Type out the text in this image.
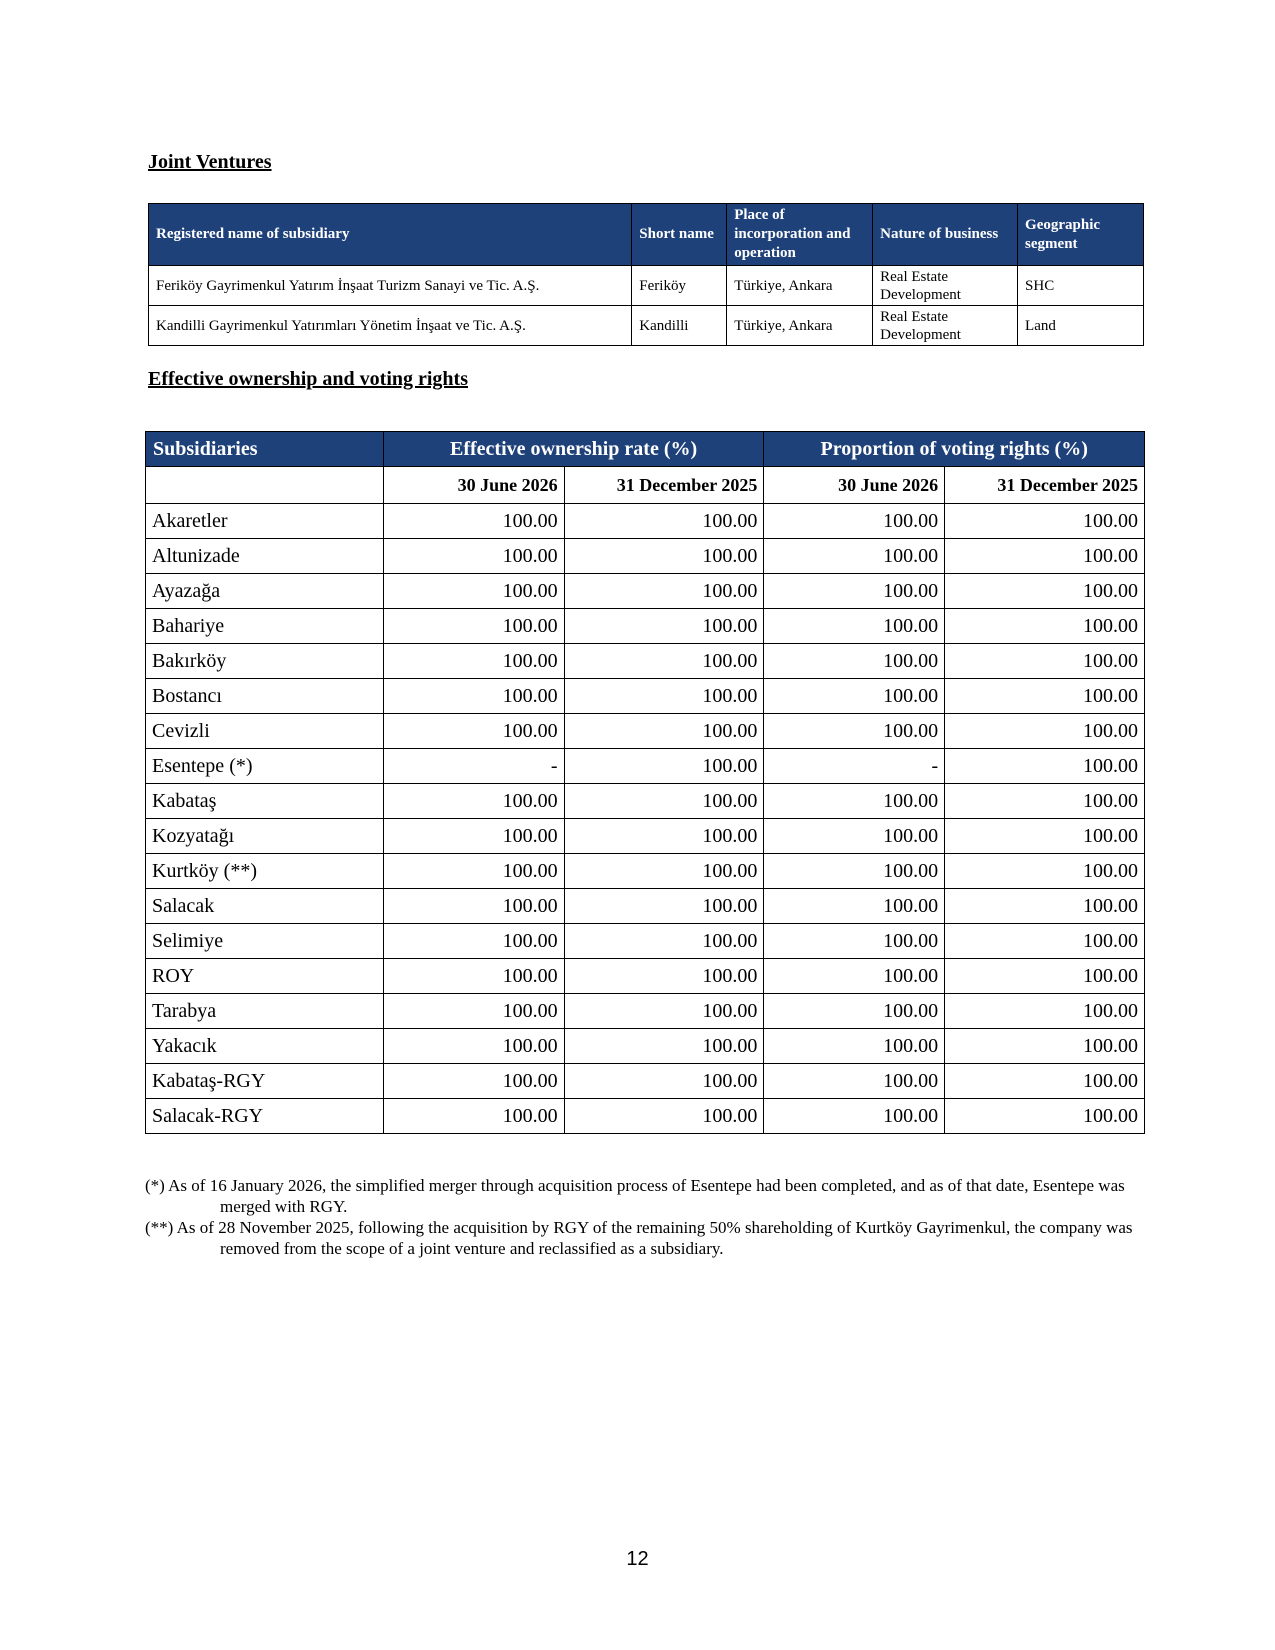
Joint Ventures
Registered name of subsidiary	Short name	Place of incorporation and operation	Nature of business	Geographic segment
Feriköy Gayrimenkul Yatırım İnşaat Turizm Sanayi ve Tic. A.Ş.	Feriköy	Türkiye, Ankara	Real Estate Development	SHC
Kandilli Gayrimenkul Yatırımları Yönetim İnşaat ve Tic. A.Ş.	Kandilli	Türkiye, Ankara	Real Estate Development	Land
Effective ownership and voting rights
Subsidiaries	Effective ownership rate (%)		Proportion of voting rights (%)	
	30 June 2026	31 December 2025	30 June 2026	31 December 2025
Akaretler	100.00	100.00	100.00	100.00
Altunizade	100.00	100.00	100.00	100.00
Ayazağa	100.00	100.00	100.00	100.00
Bahariye	100.00	100.00	100.00	100.00
Bakırköy	100.00	100.00	100.00	100.00
Bostancı	100.00	100.00	100.00	100.00
Cevizli	100.00	100.00	100.00	100.00
Esentepe (*)	-	100.00	-	100.00
Kabataş	100.00	100.00	100.00	100.00
Kozyatağı	100.00	100.00	100.00	100.00
Kurtköy (**)	100.00	100.00	100.00	100.00
Salacak	100.00	100.00	100.00	100.00
Selimiye	100.00	100.00	100.00	100.00
ROY	100.00	100.00	100.00	100.00
Tarabya	100.00	100.00	100.00	100.00
Yakacık	100.00	100.00	100.00	100.00
Kabataş-RGY	100.00	100.00	100.00	100.00
Salacak-RGY	100.00	100.00	100.00	100.00

(*) As of 16 January 2026, the simplified merger through acquisition process of Esentepe had been completed, and as of that date, Esentepe was merged with RGY.

(**) As of 28 November 2025, following the acquisition by RGY of the remaining 50% shareholding of Kurtköy Gayrimenkul, the company was removed from the scope of a joint venture and reclassified as a subsidiary.

12
